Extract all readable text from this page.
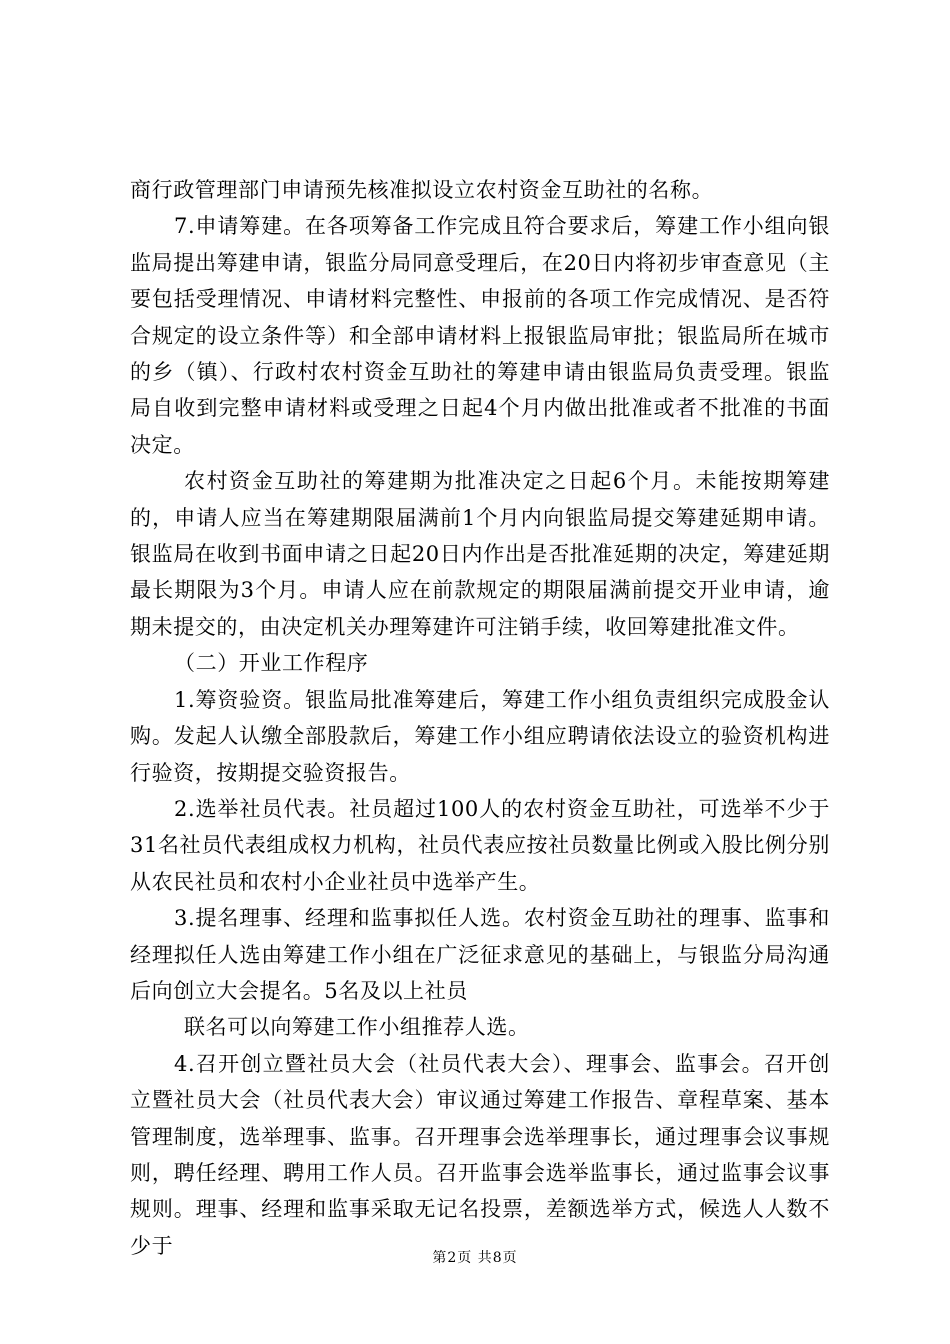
商行政管理部门申请预先核准拟设立农村资金互助社的名称。

7.申请筹建。在各项筹备工作完成且符合要求后，筹建工作小组向银监局提出筹建申请，银监分局同意受理后，在20日内将初步审查意见（主要包括受理情况、申请材料完整性、申报前的各项工作完成情况、是否符合规定的设立条件等）和全部申请材料上报银监局审批；银监局所在城市的乡（镇）、行政村农村资金互助社的筹建申请由银监局负责受理。银监局自收到完整申请材料或受理之日起4个月内做出批准或者不批准的书面决定。

农村资金互助社的筹建期为批准决定之日起6个月。未能按期筹建的，申请人应当在筹建期限届满前1个月内向银监局提交筹建延期申请。银监局在收到书面申请之日起20日内作出是否批准延期的决定，筹建延期最长期限为3个月。申请人应在前款规定的期限届满前提交开业申请，逾期未提交的，由决定机关办理筹建许可注销手续，收回筹建批准文件。

（二）开业工作程序

1.筹资验资。银监局批准筹建后，筹建工作小组负责组织完成股金认购。发起人认缴全部股款后，筹建工作小组应聘请依法设立的验资机构进行验资，按期提交验资报告。

2.选举社员代表。社员超过100人的农村资金互助社，可选举不少于31名社员代表组成权力机构，社员代表应按社员数量比例或入股比例分别从农民社员和农村小企业社员中选举产生。

3.提名理事、经理和监事拟任人选。农村资金互助社的理事、监事和经理拟任人选由筹建工作小组在广泛征求意见的基础上，与银监分局沟通后向创立大会提名。5名及以上社员

联名可以向筹建工作小组推荐人选。

4.召开创立暨社员大会（社员代表大会）、理事会、监事会。召开创立暨社员大会（社员代表大会）审议通过筹建工作报告、章程草案、基本管理制度，选举理事、监事。召开理事会选举理事长，通过理事会议事规则，聘任经理、聘用工作人员。召开监事会选举监事长，通过监事会议事规则。理事、经理和监事采取无记名投票，差额选举方式，候选人人数不少于

第2页 共8页
